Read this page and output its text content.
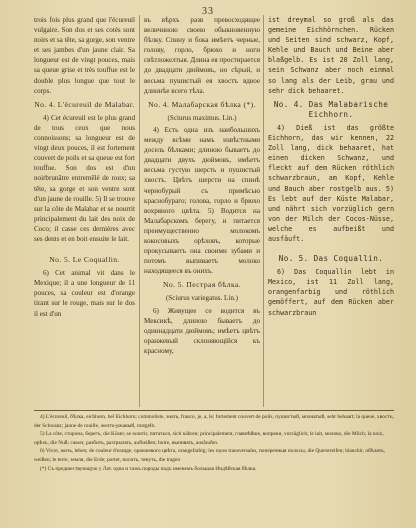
33

trois fois plus grand que l'écureuil vulgaire. Son dos et ses cotés sont noirs et sa tête, sa gorge, son ventre et ses jambes d'un jaune clair. Sa longueur est de vingt pouces, mais sa queue grise et très touffue est le double plus longue que tout le corps.

No. 4. L'écureuil de Malabar.

4) Cet écureuil est le plus grand de tous ceux que nous connoissons; sa longueur est de vingt deux pouces, il est fortement couvert de poils et sa queue est fort touffue. Son dos est d'un noirbrunâtre entremêlé de roux; sa tête, sa gorge et son ventre sont d'un jaune de rouille. 5) Il se trouve sur la côte de Malabar et se nourrit principalement du lait des noix de Coco; il casse ces dernières avec ses dents et en boit ensuite le lait.

No. 5. Le Coquallin.

6) Cet animal vit dans le Mexique; il a une longueur de 11 pouces, sa couleur est d'orange tirant sur le rouge, mais sur le dos il est d'un

въ вѣрхъ разв превосходящее величиною своею обыкновенную бѣлку. Спину и бока имѣетъ черные, голову, горло, брюхо и ноги свѣтложелтыя. Длина ея простирается до двадцати дюймовъ, но сѣрый, и весьма пушистый ея хвостъ вдвое длиннѣе всего тѣла.

No. 4. Малабарская бѣлка (*).

(Sciurus maximus. Lin.)

4) Есть одна изъ наибольшихъ между всѣми намъ извѣстными досель бѣлками; длиною бываетъ до двадцати двухъ дюймовъ, имѣетъ весьма густую шерсть и пушистый хвостъ. Цвѣтъ шерсти на спинѣ чернобурый съ примѣсью краснобурaго; голова, горло и брюхо вохряного цвѣта. 5) Водится на Малабарскомъ берегу, и питается преимущественно молокомъ кокосовыхъ орѣховъ, которые прокусываетъ она своими зубами и потомъ выпиваетъ молоко находящееся въ онихъ.

No. 5. Пестрая бѣлка.

(Sciurus variegatus. Lin.)

6) Живущее се водится въ Мексикѣ, длиною бываетъ до одиннадцати дюймовъ; имѣетъ цвѣтъ оранжевый склоняющійся къ красному,

ist dreymal so groß als das gemeine Eichhörnchen. Rücken und Seiten sind schwarz, Kopf, Kehle und Bauch und Beine aber blaßgelb. Es ist 20 Zoll lang, sein Schwanz aber noch einmal so lang als der Leib, grau und sehr dick behaaret.

No. 4. Das Malabarische Eichhorn.

4) Dieß ist das größte Eichhorn, das wir kennen, 22 Zoll lang, dick behaaret, hat einen dicken Schwanz, und fleckt auf dem Rücken röthlich schwarzbraun, am Kopf, Kehle und Bauch aber rostgelb aus. 5) Es lebt auf der Küste Malabar, und nährt sich vorzüglich gern von der Milch der Cocos-Nüsse, welche es aufbeißt und ausfäuft.

No. 5. Das Coquallin.

6) Das Coquallin lebt in Mexico, ist 11 Zoll lang, orangenfarbig und röthlich gemöffert, auf dem Rücken aber schwarzbraun

4) L'écureuil, бѣлка, eichhorn, bel Eichhorn; commoliste, знать, franco, je, a, le; fortement couvert de poils, пушистый, мохнатый, sehr behaart; la queue, хвостъ, der Schwanz; jaune de rouille, желто-ржавый, rostgelb.

5) La côte, сторона, берегъ, die Küste; se nourrir, питаться, sich nähren; principalement, главнѣйше, вопреки, vorzüglich; le lait, молоко, die Milch; la noix, орѣхъ, die Nuß; casser, разбить, разгрызать, aufbeißen; boire, выпивать, ausfaufen.

6) Vivre, жить, leben; de couleur d'orange, оранжевого цвѣта, orangefarbig; les rayes transversales, поперечныя полосы, die Querstreifen; blanchir, обѣлять, weißen; le terre, земля, die Erde; porter, носить, тянуть, die tragen

(*) Съ предшествующую у Лат. одна и тажъ породы подъ именемъ большая Индѣйская бѣлка.
